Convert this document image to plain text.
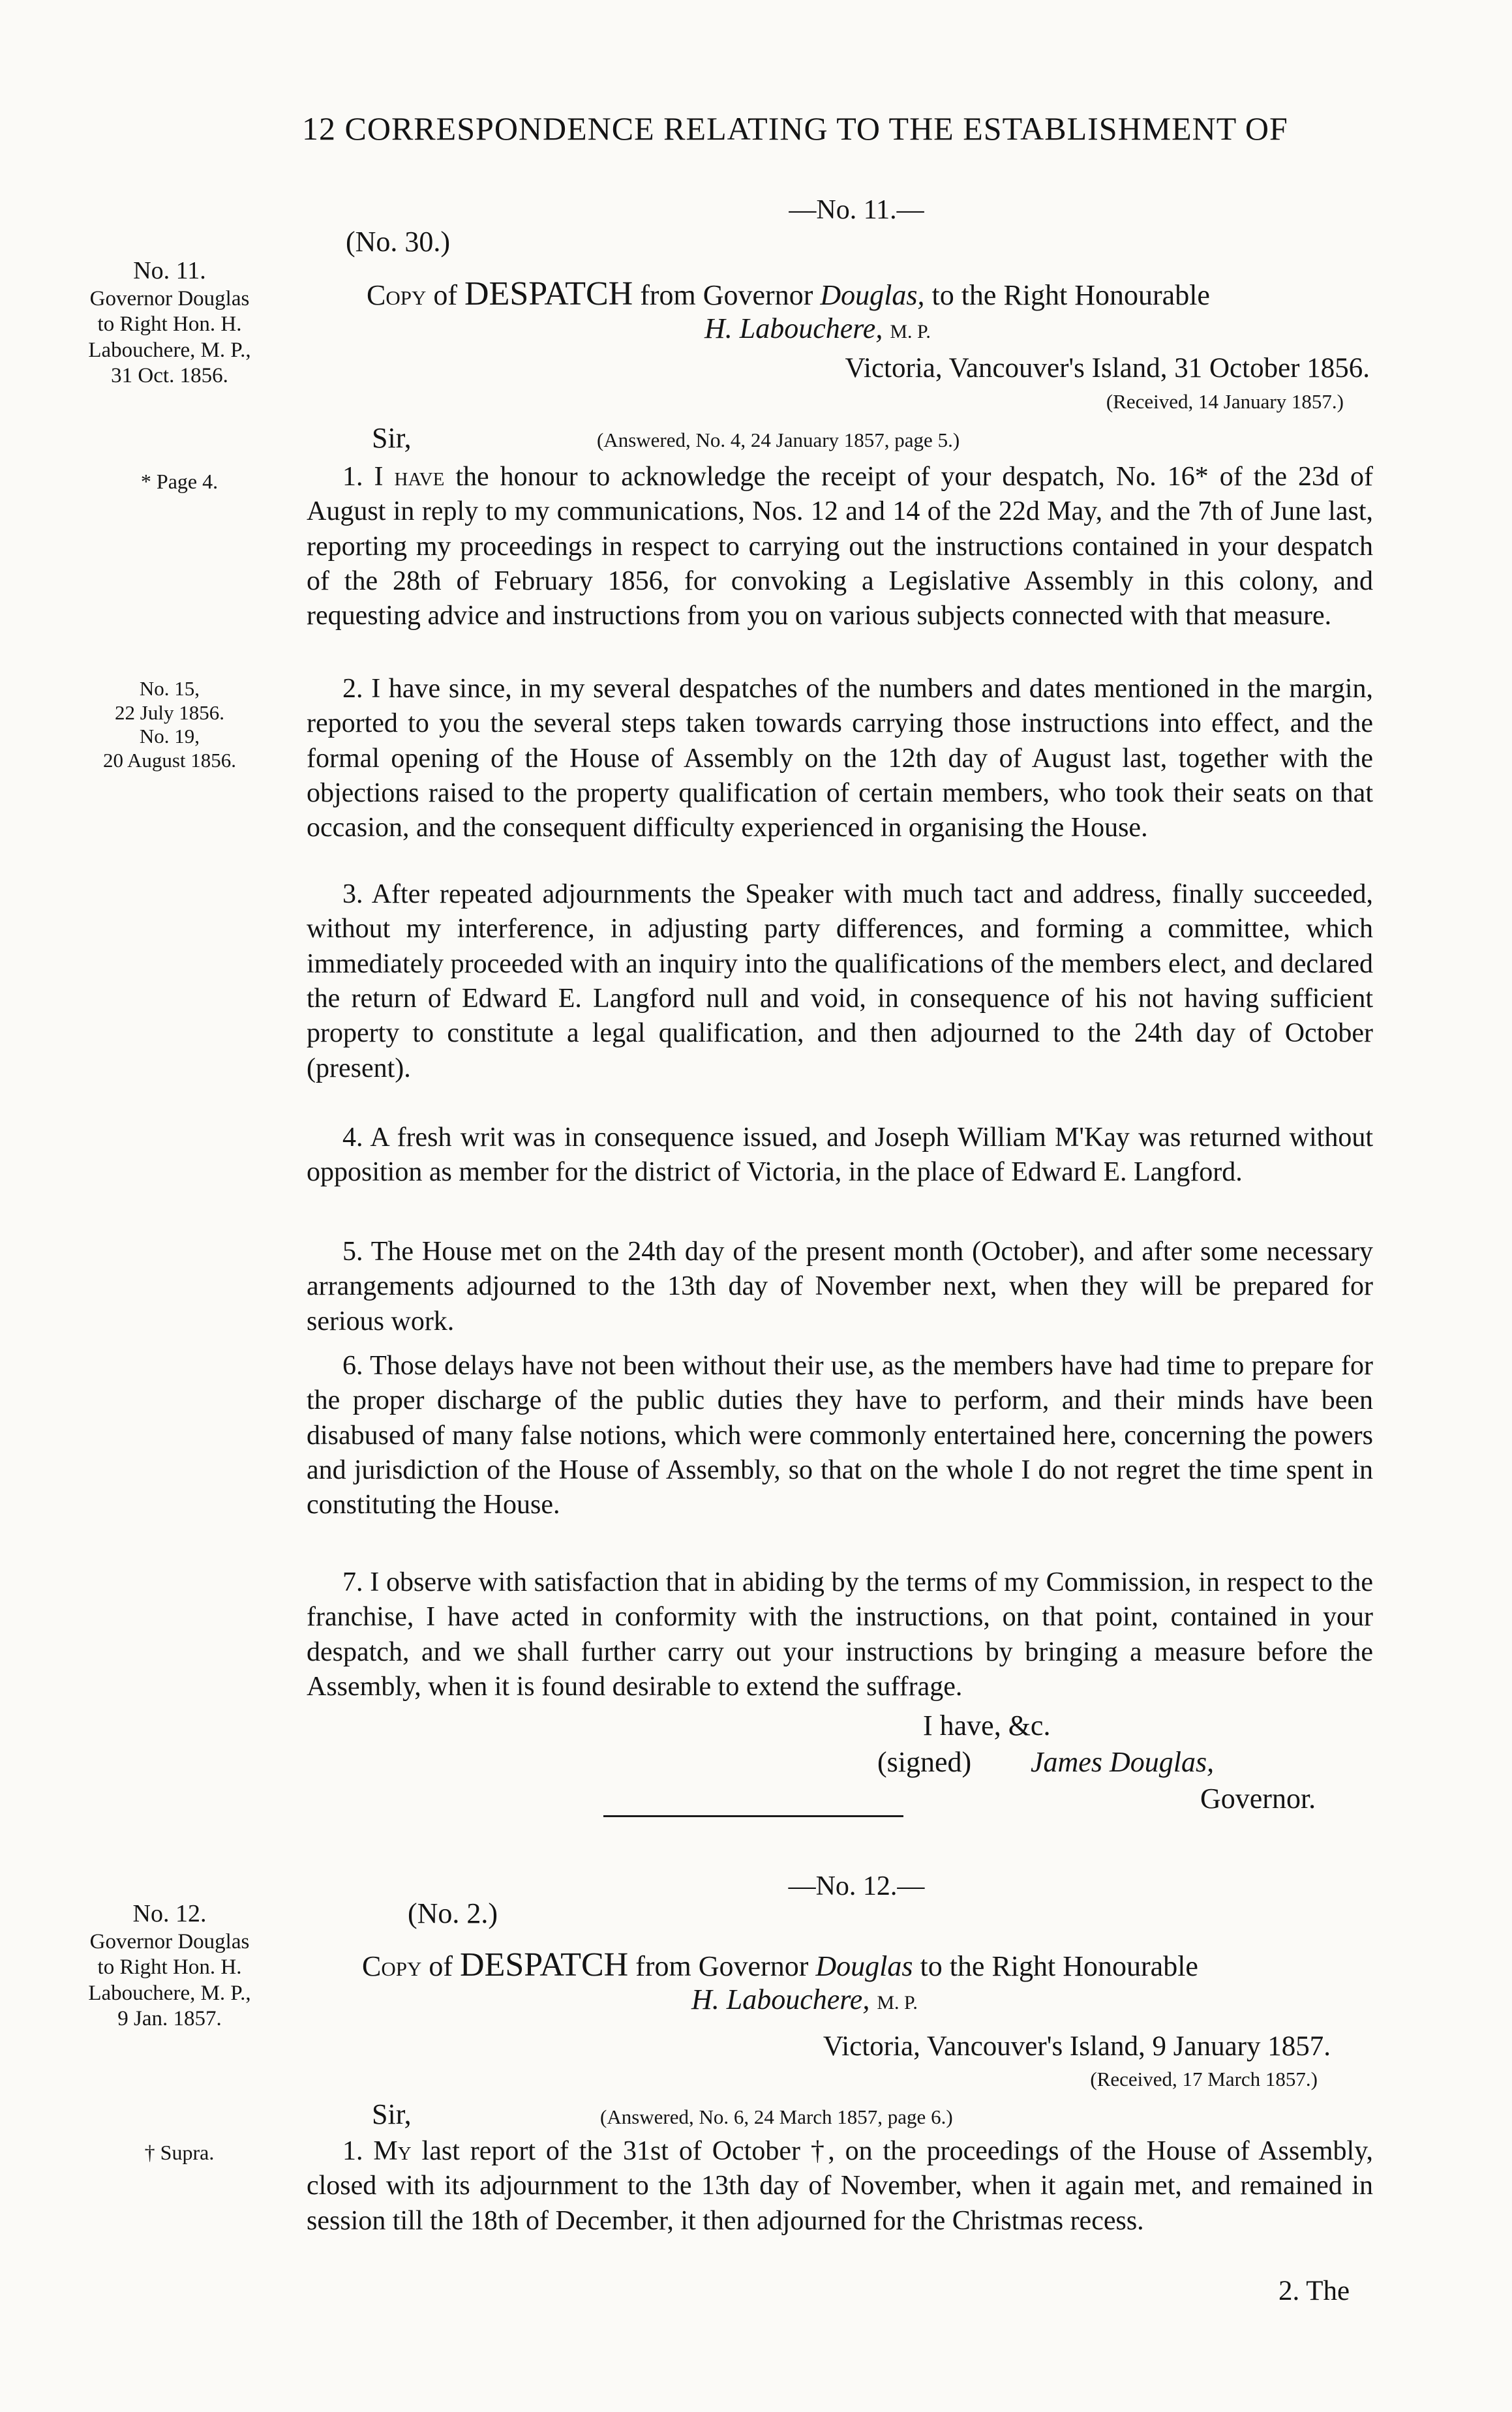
12 CORRESPONDENCE RELATING TO THE ESTABLISHMENT OF
—No. 11.—
No. 11.
Governor Douglas
to Right Hon. H.
Labouchere, M. P.,
31 Oct. 1856.
(No. 30.)
Copy of DESPATCH from Governor Douglas, to the Right Honourable
H. Labouchere, M. P.
Victoria, Vancouver's Island, 31 October 1856.
(Received, 14 January 1857.)
Sir,	(Answered, No. 4, 24 January 1857, page 5.)
* Page 4.
No. 15,
22 July 1856.
No. 19,
20 August 1856.
1. I have the honour to acknowledge the receipt of your despatch, No. 16* of the 23d of August in reply to my communications, Nos. 12 and 14 of the 22d May, and the 7th of June last, reporting my proceedings in respect to carrying out the instructions contained in your despatch of the 28th of February 1856, for convoking a Legislative Assembly in this colony, and requesting advice and instructions from you on various subjects connected with that measure.
2. I have since, in my several despatches of the numbers and dates mentioned in the margin, reported to you the several steps taken towards carrying those instructions into effect, and the formal opening of the House of Assembly on the 12th day of August last, together with the objections raised to the property qualification of certain members, who took their seats on that occasion, and the consequent difficulty experienced in organising the House.
3. After repeated adjournments the Speaker with much tact and address, finally succeeded, without my interference, in adjusting party differences, and forming a committee, which immediately proceeded with an inquiry into the qualifications of the members elect, and declared the return of Edward E. Langford null and void, in consequence of his not having sufficient property to constitute a legal qualification, and then adjourned to the 24th day of October (present).
4. A fresh writ was in consequence issued, and Joseph William M'Kay was returned without opposition as member for the district of Victoria, in the place of Edward E. Langford.
5. The House met on the 24th day of the present month (October), and after some necessary arrangements adjourned to the 13th day of November next, when they will be prepared for serious work.
6. Those delays have not been without their use, as the members have had time to prepare for the proper discharge of the public duties they have to perform, and their minds have been disabused of many false notions, which were commonly entertained here, concerning the powers and jurisdiction of the House of Assembly, so that on the whole I do not regret the time spent in constituting the House.
7. I observe with satisfaction that in abiding by the terms of my Commission, in respect to the franchise, I have acted in conformity with the instructions, on that point, contained in your despatch, and we shall further carry out your instructions by bringing a measure before the Assembly, when it is found desirable to extend the suffrage.
I have, &c.
(signed) James Douglas,
Governor.
—No. 12.—
No. 12.
Governor Douglas
to Right Hon. H.
Labouchere, M. P.,
9 Jan. 1857.
(No. 2.)
Copy of DESPATCH from Governor Douglas to the Right Honourable
H. Labouchere, M. P.
Victoria, Vancouver's Island, 9 January 1857.
(Received, 17 March 1857.)
Sir,	(Answered, No. 6, 24 March 1857, page 6.)
† Supra.	1. My last report of the 31st of October †, on the proceedings of the House of Assembly, closed with its adjournment to the 13th day of November, when it again met, and remained in session till the 18th of December, it then adjourned for the Christmas recess.
2. The
